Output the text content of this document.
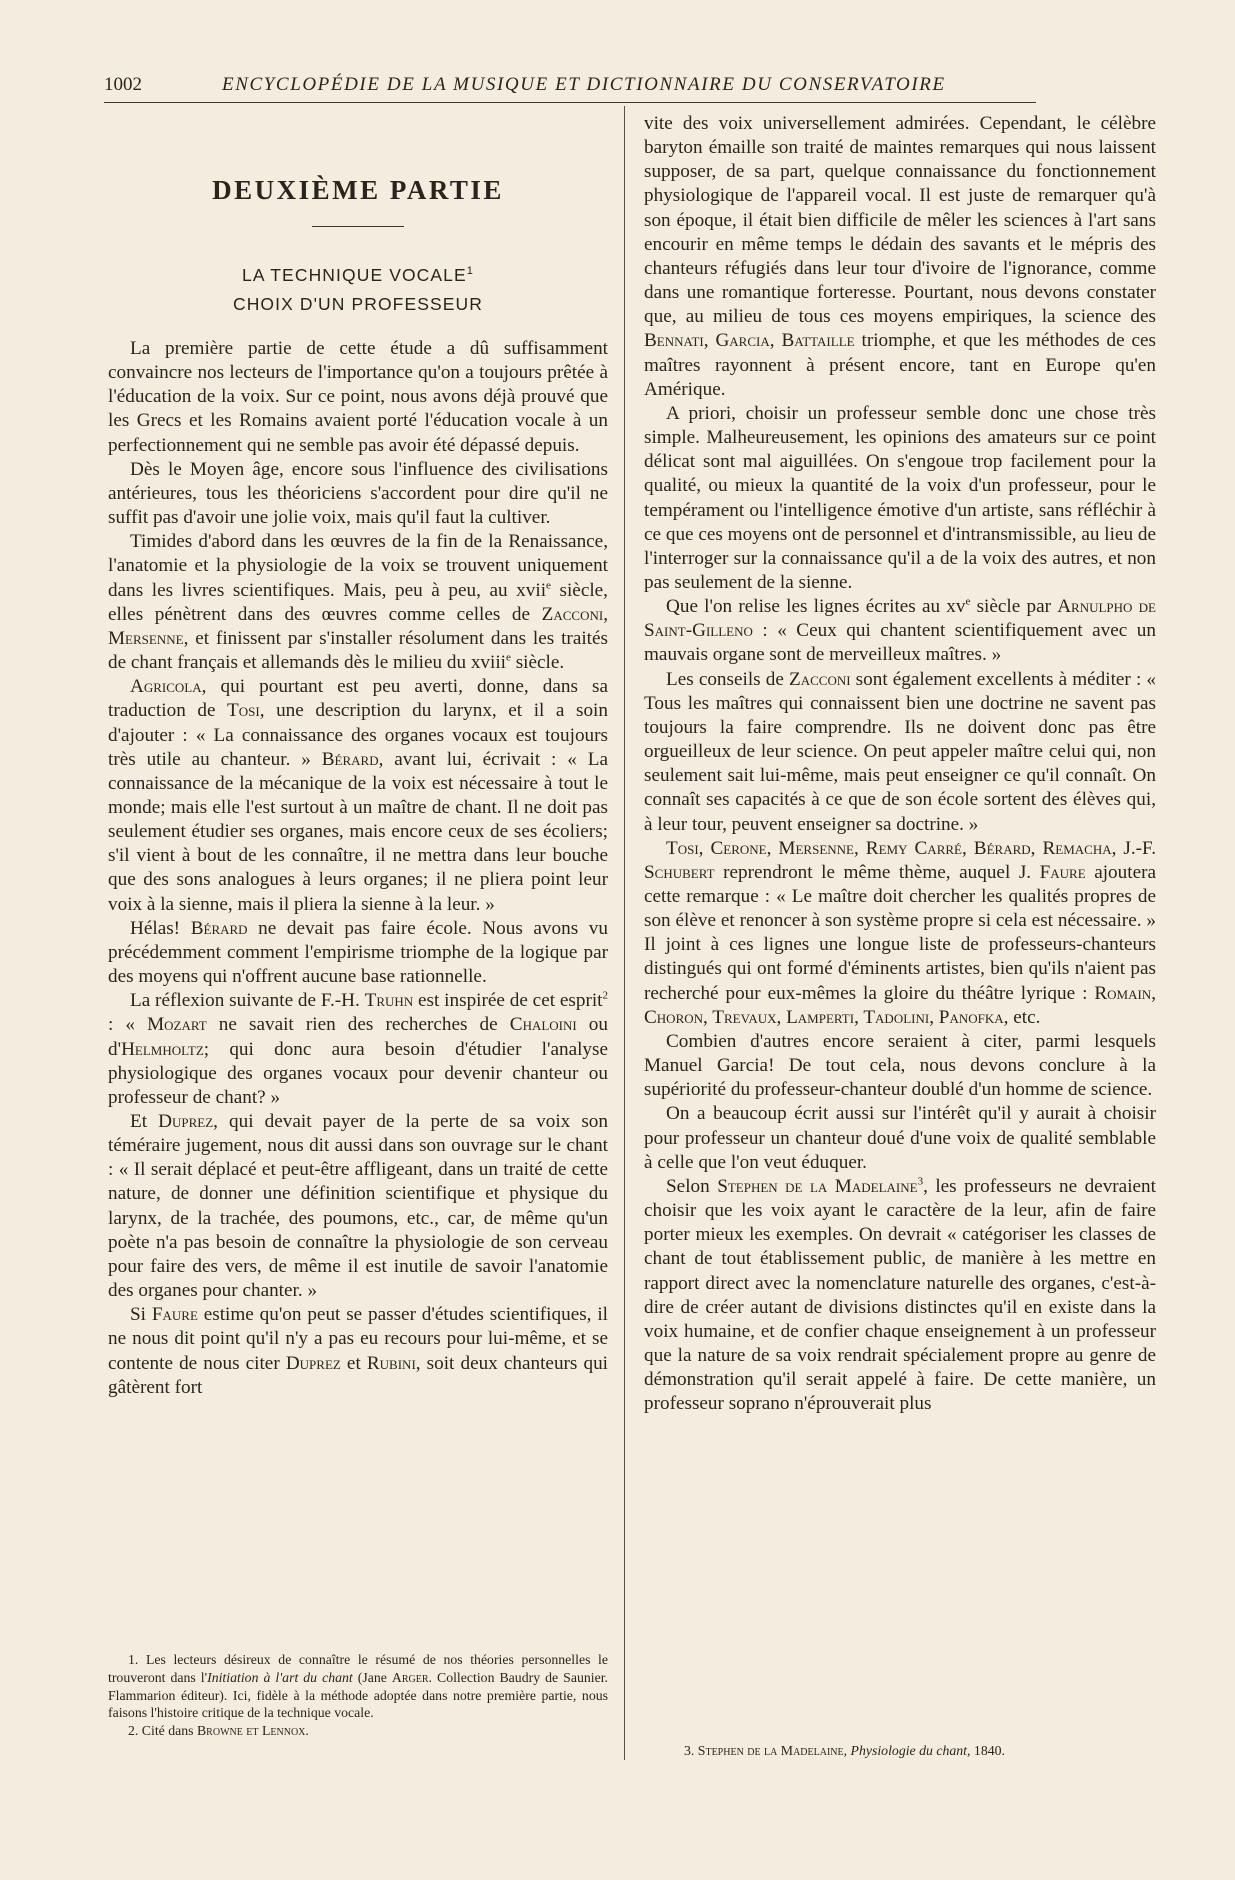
1002	ENCYCLOPÉDIE DE LA MUSIQUE ET DICTIONNAIRE DU CONSERVATOIRE
DEUXIÈME PARTIE

LA TECHNIQUE VOCALE$^1$

CHOIX D'UN PROFESSEUR

La première partie de cette étude a dû suffisamment convaincre nos lecteurs de l'importance qu'on a toujours prêtée à l'éducation de la voix. Sur ce point, nous avons déjà prouvé que les Grecs et les Romains avaient porté l'éducation vocale à un perfectionnement qui ne semble pas avoir été dépassé depuis.

Dès le Moyen âge, encore sous l'influence des civilisations antérieures, tous les théoriciens s'accordent pour dire qu'il ne suffit pas d'avoir une jolie voix, mais qu'il faut la cultiver.

Timides d'abord dans les œuvres de la fin de la Renaissance, l'anatomie et la physiologie de la voix se trouvent uniquement dans les livres scientifiques. Mais, peu à peu, au xvii$^e$ siècle, elles pénètrent dans des œuvres comme celles de Zacconi, Mersenne, et finissent par s'installer résolument dans les traités de chant français et allemands dès le milieu du xviii$^e$ siècle.

Agricola, qui pourtant est peu averti, donne, dans sa traduction de Tosi, une description du larynx, et il a soin d'ajouter : « La connaissance des organes vocaux est toujours très utile au chanteur. » Bérard, avant lui, écrivait : « La connaissance de la mécanique de la voix est nécessaire à tout le monde; mais elle l'est surtout à un maître de chant. Il ne doit pas seulement étudier ses organes, mais encore ceux de ses écoliers; s'il vient à bout de les connaître, il ne mettra dans leur bouche que des sons analogues à leurs organes; il ne pliera point leur voix à la sienne, mais il pliera la sienne à la leur. »

Hélas! Bérard ne devait pas faire école. Nous avons vu précédemment comment l'empirisme triomphe de la logique par des moyens qui n'offrent aucune base rationnelle.

La réflexion suivante de F.-H. Truhn est inspirée de cet esprit$^2$ : « Mozart ne savait rien des recherches de Chaloini ou d'Helmholtz; qui donc aura besoin d'étudier l'analyse physiologique des organes vocaux pour devenir chanteur ou professeur de chant? »

Et Duprez, qui devait payer de la perte de sa voix son téméraire jugement, nous dit aussi dans son ouvrage sur le chant : « Il serait déplacé et peut-être affligeant, dans un traité de cette nature, de donner une définition scientifique et physique du larynx, de la trachée, des poumons, etc., car, de même qu'un poète n'a pas besoin de connaître la physiologie de son cerveau pour faire des vers, de même il est inutile de savoir l'anatomie des organes pour chanter. »

Si Faure estime qu'on peut se passer d'études scientifiques, il ne nous dit point qu'il n'y a pas eu recours pour lui-même, et se contente de nous citer Duprez et Rubini, soit deux chanteurs qui gâtèrent fort

vite des voix universellement admirées. Cependant, le célèbre baryton émaille son traité de maintes remarques qui nous laissent supposer, de sa part, quelque connaissance du fonctionnement physiologique de l'appareil vocal. Il est juste de remarquer qu'à son époque, il était bien difficile de mêler les sciences à l'art sans encourir en même temps le dédain des savants et le mépris des chanteurs réfugiés dans leur tour d'ivoire de l'ignorance, comme dans une romantique forteresse. Pourtant, nous devons constater que, au milieu de tous ces moyens empiriques, la science des Bennati, Garcia, Battaille triomphe, et que les méthodes de ces maîtres rayonnent à présent encore, tant en Europe qu'en Amérique.

A priori, choisir un professeur semble donc une chose très simple. Malheureusement, les opinions des amateurs sur ce point délicat sont mal aiguillées. On s'engoue trop facilement pour la qualité, ou mieux la quantité de la voix d'un professeur, pour le tempérament ou l'intelligence émotive d'un artiste, sans réfléchir à ce que ces moyens ont de personnel et d'intransmissible, au lieu de l'interroger sur la connaissance qu'il a de la voix des autres, et non pas seulement de la sienne.

Que l'on relise les lignes écrites au $xv^e$ siècle par Arnulpho de Saint-Gilleno : « Ceux qui chantent scientifiquement avec un mauvais organe sont de merveilleux maîtres. »

Les conseils de Zacconi sont également excellents à méditer : « Tous les maîtres qui connaissent bien une doctrine ne savent pas toujours la faire comprendre. Ils ne doivent donc pas être orgueilleux de leur science. On peut appeler maître celui qui, non seulement sait lui-même, mais peut enseigner ce qu'il connaît. On connaît ses capacités à ce que de son école sortent des élèves qui, à leur tour, peuvent enseigner sa doctrine. »

Tosi, Cerone, Mersenne, Remy Carré, Bérard, Remacha, J.-F. Schubert reprendront le même thème, auquel J. Faure ajoutera cette remarque : « Le maître doit chercher les qualités propres de son élève et renoncer à son système propre si cela est nécessaire. » Il joint à ces lignes une longue liste de professeurs-chanteurs distingués qui ont formé d'éminents artistes, bien qu'ils n'aient pas recherché pour eux-mêmes la gloire du théâtre lyrique : Romain, Choron, Trevaux, Lamperti, Tadolini, Panofka, etc.

Combien d'autres encore seraient à citer, parmi lesquels Manuel Garcia! De tout cela, nous devons conclure à la supériorité du professeur-chanteur doublé d'un homme de science.

On a beaucoup écrit aussi sur l'intérêt qu'il y aurait à choisir pour professeur un chanteur doué d'une voix de qualité semblable à celle que l'on veut éduquer.

Selon Stephen de la Madelaine$^3$, les professeurs ne devraient choisir que les voix ayant le caractère de la leur, afin de faire porter mieux les exemples. On devrait « catégoriser les classes de chant de tout établissement public, de manière à les mettre en rapport direct avec la nomenclature naturelle des organes, c'est-à-dire de créer autant de divisions distinctes qu'il en existe dans la voix humaine, et de confier chaque enseignement à un professeur que la nature de sa voix rendrait spécialement propre au genre de démonstration qu'il serait appelé à faire. De cette manière, un professeur soprano n'éprouverait plus

1. Les lecteurs désireux de connaître le résumé de nos théories personnelles le trouveront dans l'Initiation à l'art du chant (Jane Arger. Collection Baudry de Saunier. Flammarion éditeur). Ici, fidèle à la méthode adoptée dans notre première partie, nous faisons l'histoire critique de la technique vocale.

2. Cité dans Browne et Lennox.

3. Stephen de la Madelaine, Physiologie du chant, 1840.
